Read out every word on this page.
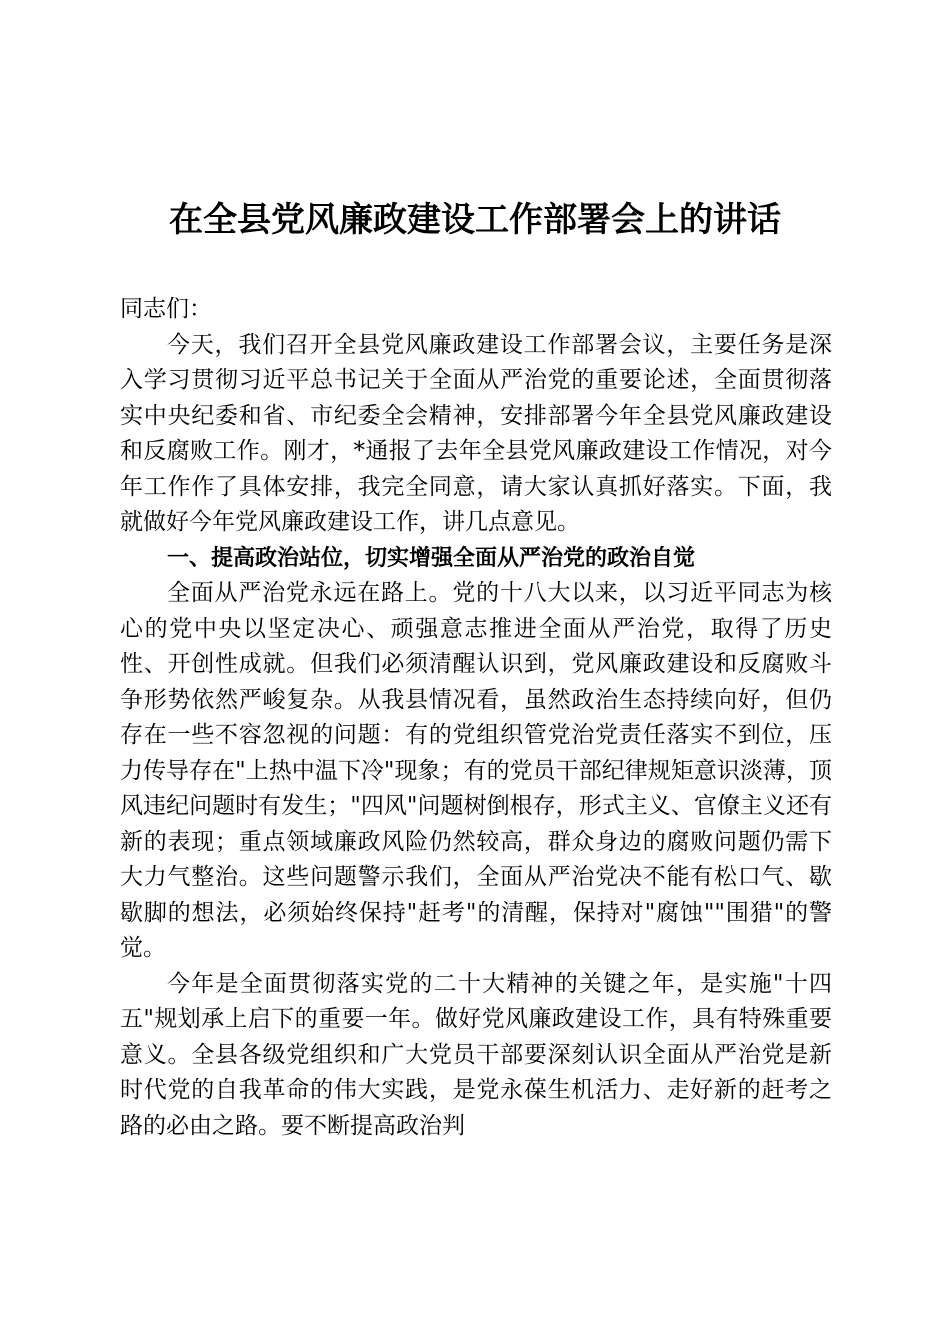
在全县党风廉政建设工作部署会上的讲话

同志们：

今天，我们召开全县党风廉政建设工作部署会议，主要任务是深入学习贯彻习近平总书记关于全面从严治党的重要论述，全面贯彻落实中央纪委和省、市纪委全会精神，安排部署今年全县党风廉政建设和反腐败工作。刚才，*通报了去年全县党风廉政建设工作情况，对今年工作作了具体安排，我完全同意，请大家认真抓好落实。下面，我就做好今年党风廉政建设工作，讲几点意见。

一、提高政治站位，切实增强全面从严治党的政治自觉

全面从严治党永远在路上。党的十八大以来，以习近平同志为核心的党中央以坚定决心、顽强意志推进全面从严治党，取得了历史性、开创性成就。但我们必须清醒认识到，党风廉政建设和反腐败斗争形势依然严峻复杂。从我县情况看，虽然政治生态持续向好，但仍存在一些不容忽视的问题：有的党组织管党治党责任落实不到位，压力传导存在"上热中温下冷"现象；有的党员干部纪律规矩意识淡薄，顶风违纪问题时有发生；"四风"问题树倒根存，形式主义、官僚主义还有新的表现；重点领域廉政风险仍然较高，群众身边的腐败问题仍需下大力气整治。这些问题警示我们，全面从严治党决不能有松口气、歇歇脚的想法，必须始终保持"赶考"的清醒，保持对"腐蚀""围猎"的警觉。

今年是全面贯彻落实党的二十大精神的关键之年，是实施"十四五"规划承上启下的重要一年。做好党风廉政建设工作，具有特殊重要意义。全县各级党组织和广大党员干部要深刻认识全面从严治党是新时代党的自我革命的伟大实践，是党永葆生机活力、走好新的赶考之路的必由之路。要不断提高政治判
